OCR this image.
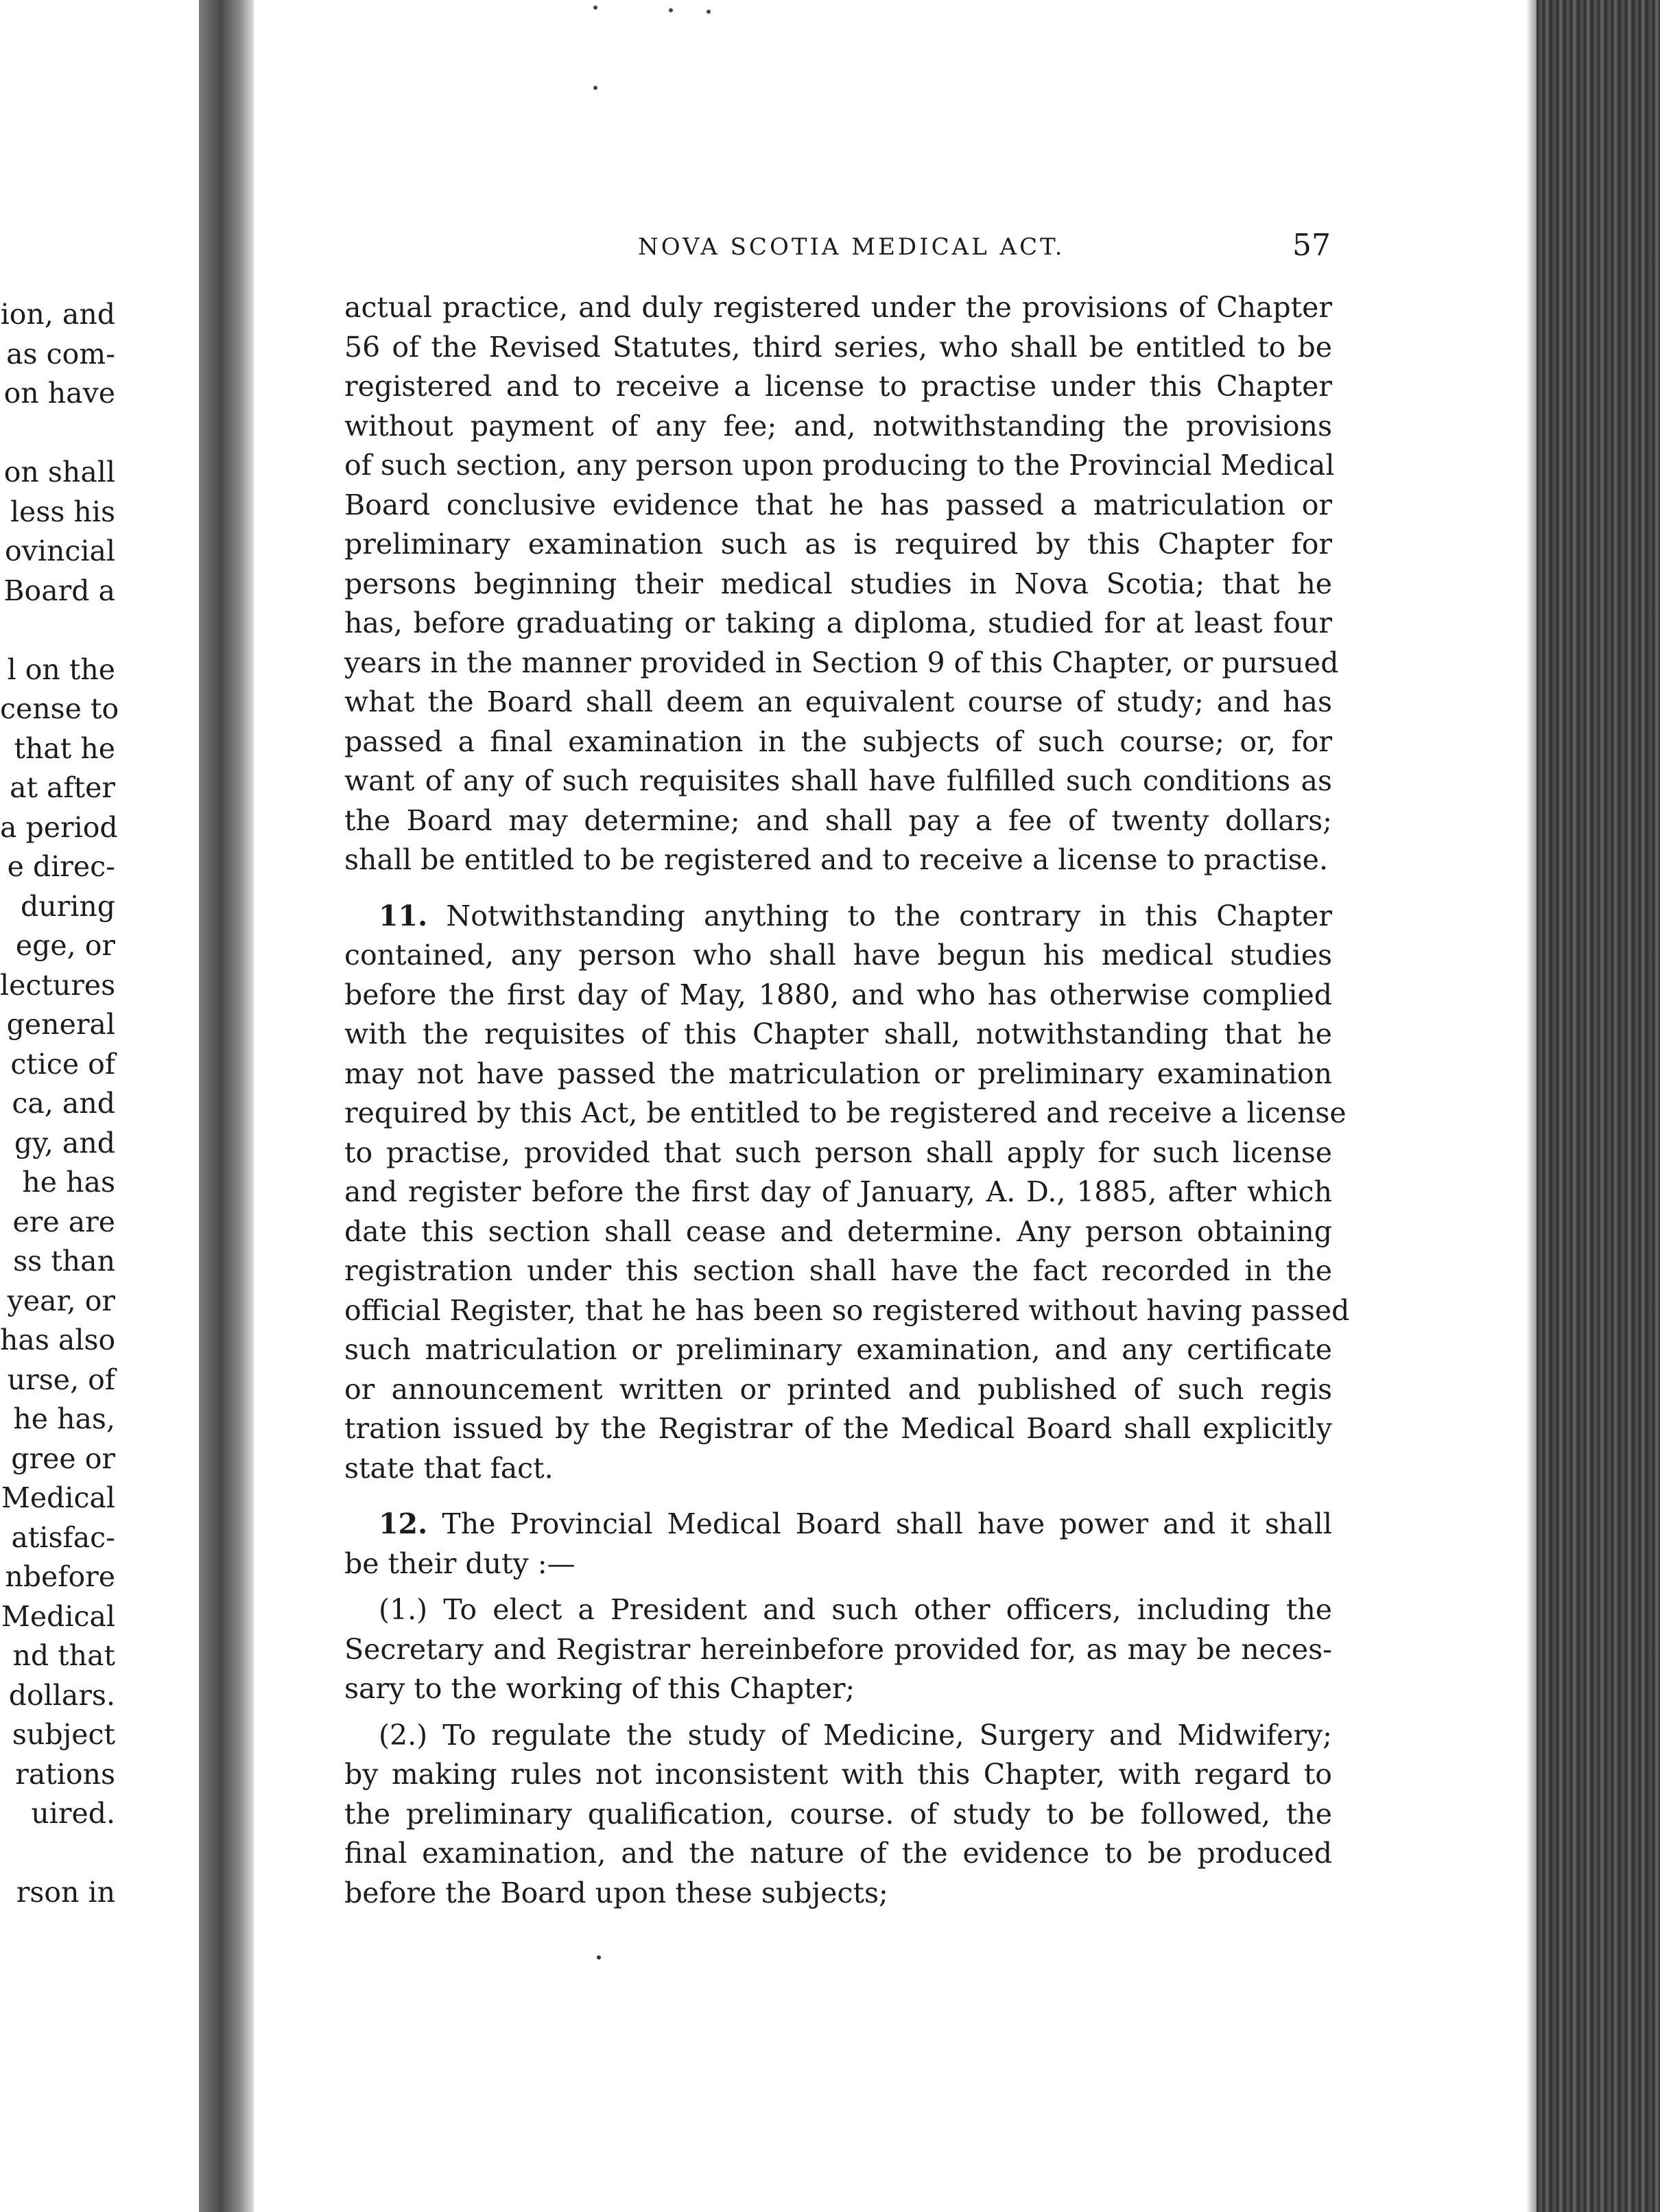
ion, and
as com-
on have
on shall
less his
ovincial
Board a
l on the
cense to
that he
at after
a period
e direc-
during
ege, or
lectures
general
ctice of
ca, and
gy, and
he has
ere are
ss than
year, or
has also
urse, of
he has,
gree or
Medical
atisfac-
nbefore
Medical
nd that
dollars.
subject
rations
uired.
rson in
NOVA SCOTIA MEDICAL ACT.	57
actual practice, and duly registered under the provisions of Chapter
56 of the Revised Statutes, third series, who shall be entitled to be
registered and to receive a license to practise under this Chapter
without payment of any fee; and, notwithstanding the provisions
of such section, any person upon producing to the Provincial Medical
Board conclusive evidence that he has passed a matriculation or
preliminary examination such as is required by this Chapter for
persons beginning their medical studies in Nova Scotia; that he
has, before graduating or taking a diploma, studied for at least four
years in the manner provided in Section 9 of this Chapter, or pursued
what the Board shall deem an equivalent course of study; and has
passed a final examination in the subjects of such course; or, for
want of any of such requisites shall have fulfilled such conditions as
the Board may determine; and shall pay a fee of twenty dollars;
shall be entitled to be registered and to receive a license to practise.
11. Notwithstanding anything to the contrary in this Chapter
contained, any person who shall have begun his medical studies
before the first day of May, 1880, and who has otherwise complied
with the requisites of this Chapter shall, notwithstanding that he
may not have passed the matriculation or preliminary examination
required by this Act, be entitled to be registered and receive a license
to practise, provided that such person shall apply for such license
and register before the first day of January, A. D., 1885, after which
date this section shall cease and determine. Any person obtaining
registration under this section shall have the fact recorded in the
official Register, that he has been so registered without having passed
such matriculation or preliminary examination, and any certificate
or announcement written or printed and published of such regis
tration issued by the Registrar of the Medical Board shall explicitly
state that fact.
12. The Provincial Medical Board shall have power and it shall
be their duty :—
(1.) To elect a President and such other officers, including the
Secretary and Registrar hereinbefore provided for, as may be neces-
sary to the working of this Chapter;
(2.) To regulate the study of Medicine, Surgery and Midwifery;
by making rules not inconsistent with this Chapter, with regard to
the preliminary qualification, course. of study to be followed, the
final examination, and the nature of the evidence to be produced
before the Board upon these subjects;
